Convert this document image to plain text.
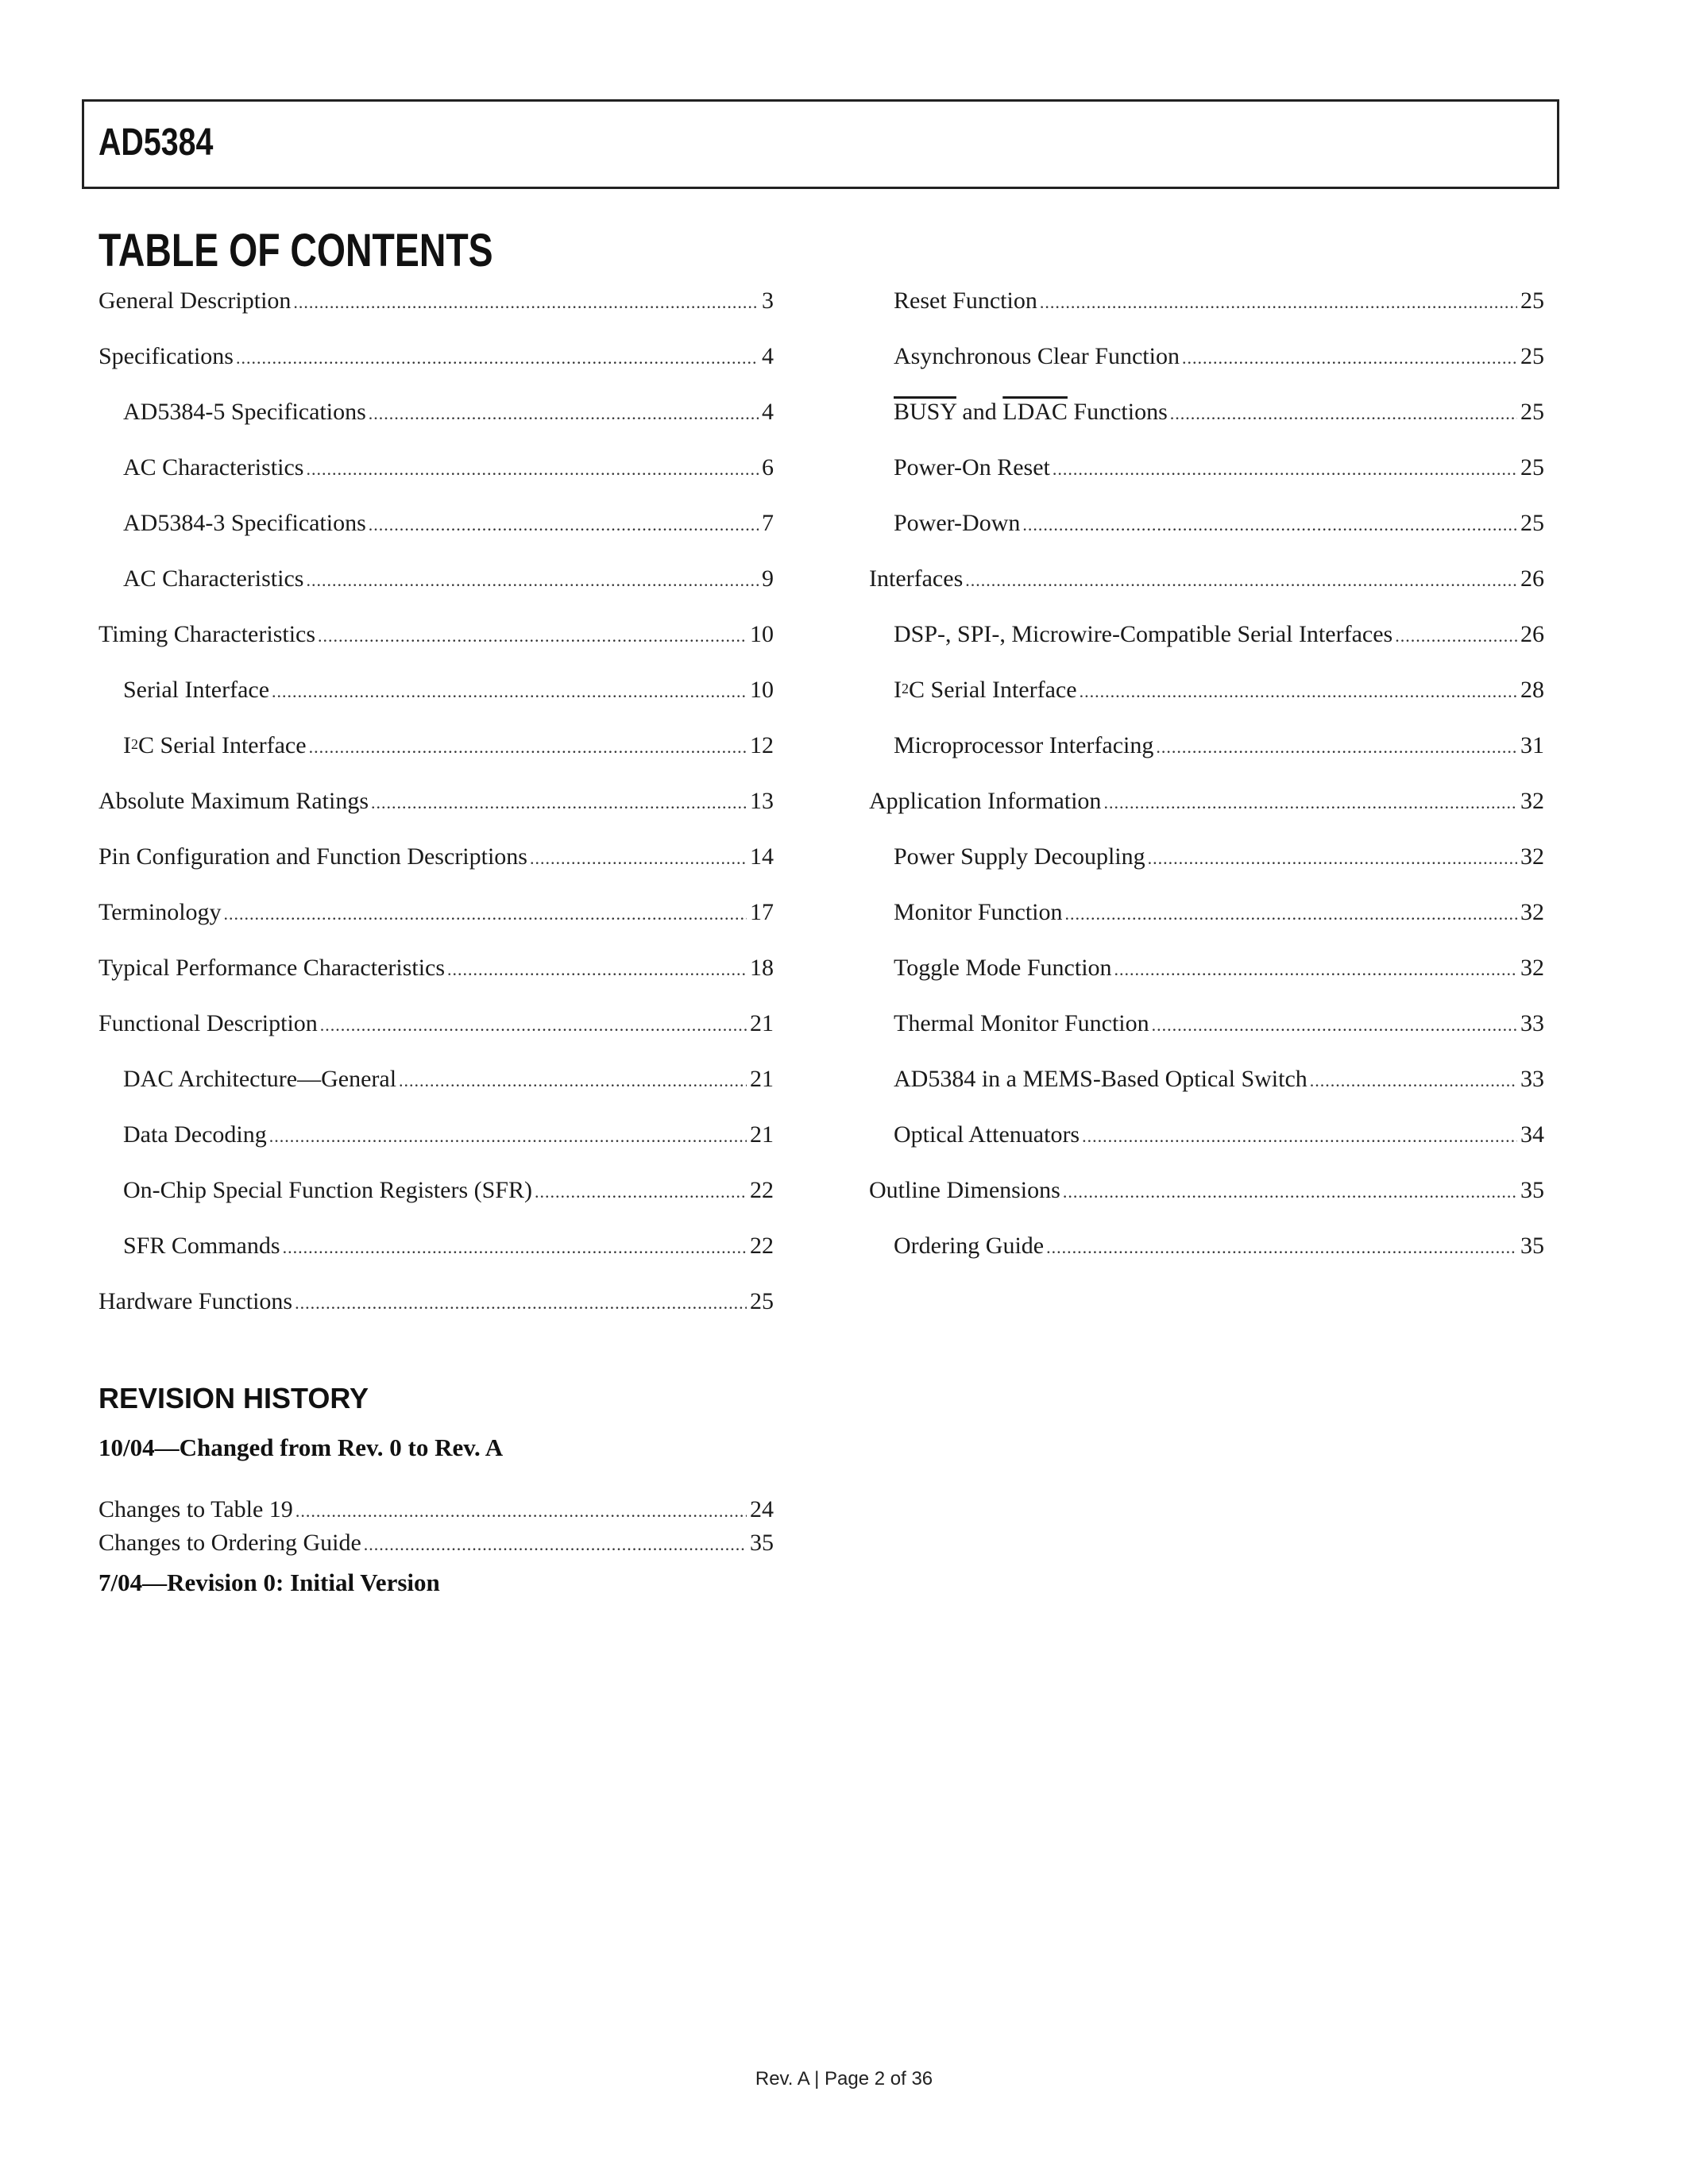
AD5384
TABLE OF CONTENTS
General Description .....	3
Specifications .....	4
AD5384-5 Specifications .....	4
AC Characteristics .....	6
AD5384-3 Specifications .....	7
AC Characteristics .....	9
Timing Characteristics .....	10
Serial Interface .....	10
$I^2C$ Serial Interface .....	12
Absolute Maximum Ratings .....	13
Pin Configuration and Function Descriptions .....	14
Terminology .....	17
Typical Performance Characteristics .....	18
Functional Description .....	21
DAC Architecture—General .....	21
Data Decoding .....	21
On-Chip Special Function Registers (SFR) .....	22
SFR Commands .....	22
Hardware Functions .....	25
Reset Function .....	25
Asynchronous Clear Function .....	25
BUSY and LDAC Functions .....	25
Power-On Reset .....	25
Power-Down .....	25
Interfaces .....	26
DSP-, SPI-, Microwire-Compatible Serial Interfaces .....	26
$I^2C$ Serial Interface .....	28
Microprocessor Interfacing .....	31
Application Information .....	32
Power Supply Decoupling .....	32
Monitor Function .....	32
Toggle Mode Function .....	32
Thermal Monitor Function .....	33
AD5384 in a MEMS-Based Optical Switch .....	33
Optical Attenuators .....	34
Outline Dimensions .....	35
Ordering Guide .....	35
REVISION HISTORY
10/04—Changed from Rev. 0 to Rev. A
Changes to Table 19 .....	24
Changes to Ordering Guide .....	35
7/04—Revision 0: Initial Version
Rev. A | Page 2 of 36
